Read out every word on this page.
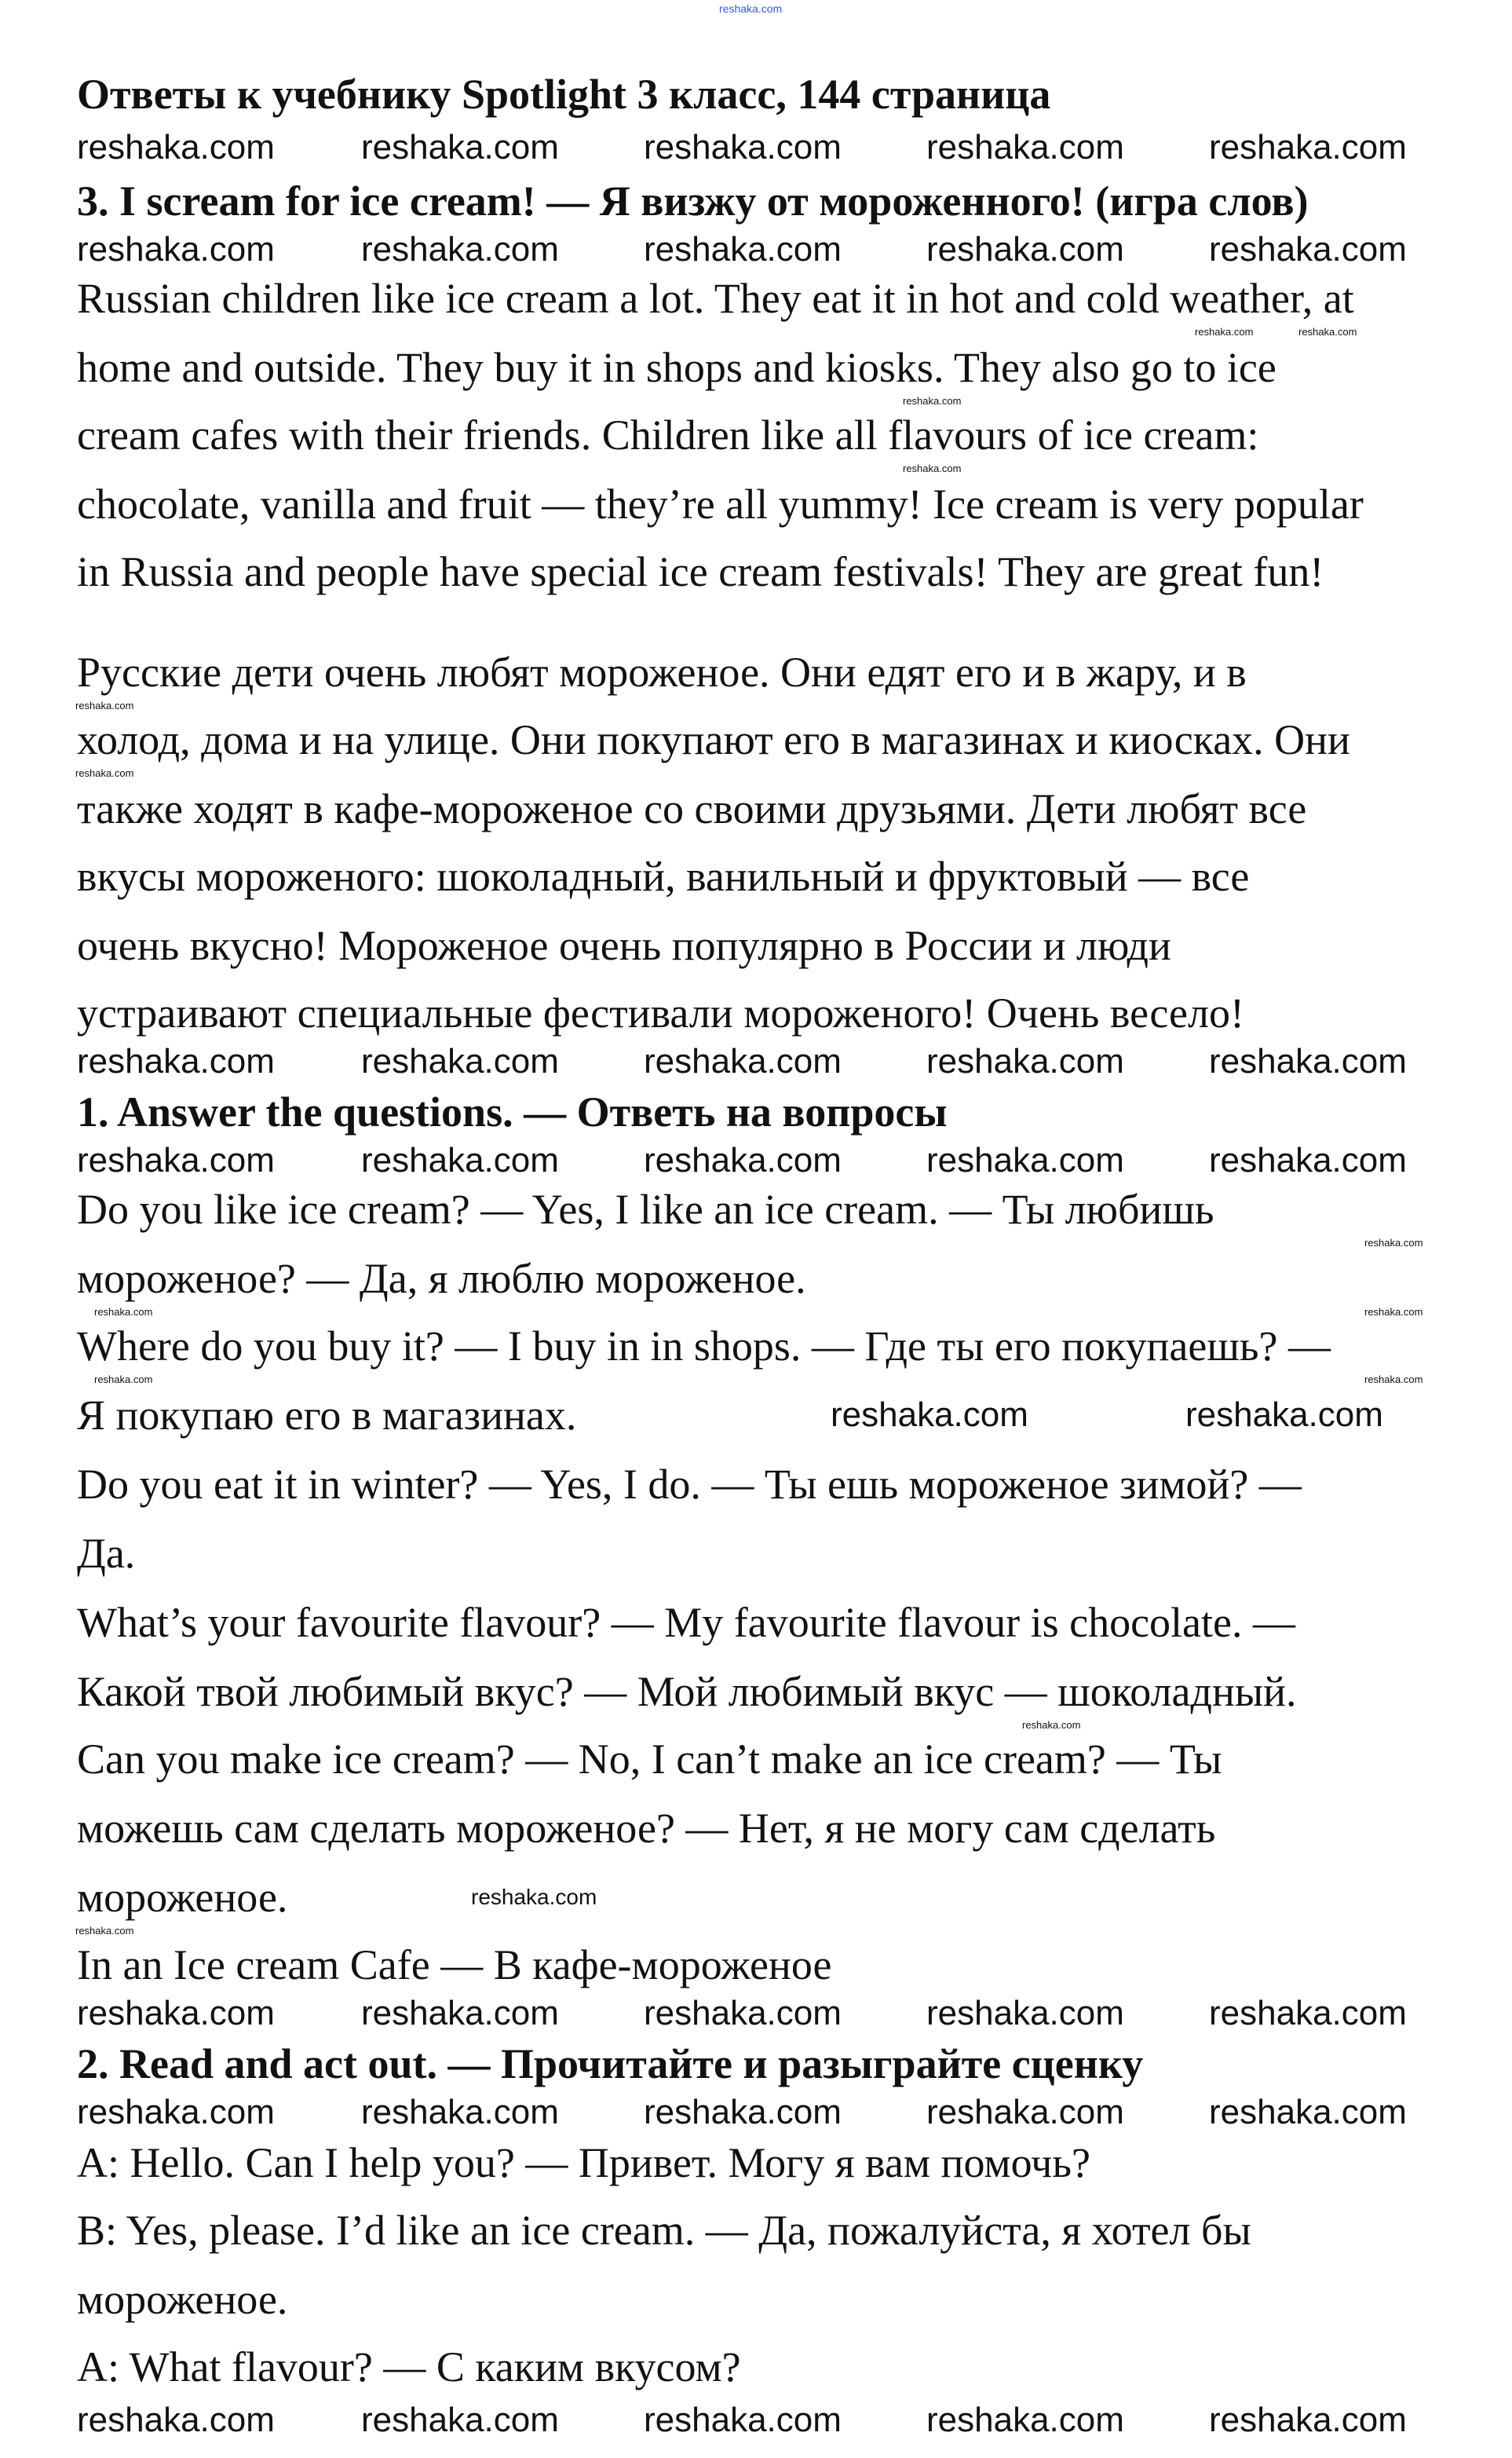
Ответы к учебнику Spotlight 3 класс, 144 страница
3. I scream for ice cream! — Я визжу от мороженного! (игра слов)
Russian children like ice cream a lot. They eat it in hot and cold weather, at
home and outside. They buy it in shops and kiosks. They also go to ice
cream cafes with their friends. Children like all flavours of ice cream:
chocolate, vanilla and fruit — they’re all yummy! Ice cream is very popular
in Russia and people have special ice cream festivals! They are great fun!
Русские дети очень любят мороженое. Они едят его и в жару, и в
холод, дома и на улице. Они покупают его в магазинах и киосках. Они
также ходят в кафе-мороженое со своими друзьями. Дети любят все
вкусы мороженого: шоколадный, ванильный и фруктовый — все
очень вкусно! Мороженое очень популярно в России и люди
устраивают специальные фестивали мороженого! Очень весело!
1. Answer the questions. — Ответь на вопросы
Do you like ice cream? — Yes, I like an ice cream. — Ты любишь
мороженое? — Да, я люблю мороженое.
Where do you buy it? — I buy in in shops. — Где ты его покупаешь? —
Я покупаю его в магазинах.
Do you eat it in winter? — Yes, I do. — Ты ешь мороженое зимой? —
Да.
What’s your favourite flavour? — My favourite flavour is chocolate. —
Какой твой любимый вкус? — Мой любимый вкус — шоколадный.
Can you make ice cream? — No, I can’t make an ice cream? — Ты
можешь сам сделать мороженое? — Нет, я не могу сам сделать
мороженое.
In an Ice cream Cafe — В кафе-мороженое
2. Read and act out. — Прочитайте и разыграйте сценку
A: Hello. Can I help you? — Привет. Могу я вам помочь?
B: Yes, please. I’d like an ice cream. — Да, пожалуйста, я хотел бы
мороженое.
A: What flavour? — С каким вкусом?
reshaka.com
reshaka.com	reshaka.com reshaka.com reshaka.com reshaka.com
reshaka.com	reshaka.com reshaka.com reshaka.com reshaka.com
reshaka.com	reshaka.com reshaka.com reshaka.com reshaka.com
reshaka.com	reshaka.com reshaka.com reshaka.com reshaka.com
reshaka.com	reshaka.com reshaka.com reshaka.com reshaka.com
reshaka.com	reshaka.com reshaka.com reshaka.com reshaka.com
reshaka.com	reshaka.com reshaka.com reshaka.com reshaka.com
reshaka.com	reshaka.com
reshaka.com
reshaka.com	reshaka.com
reshaka.com
reshaka.com
reshaka.com
reshaka.com
reshaka.com
reshaka.com
reshaka.com
reshaka.com
reshaka.com
reshaka.com
reshaka.com
